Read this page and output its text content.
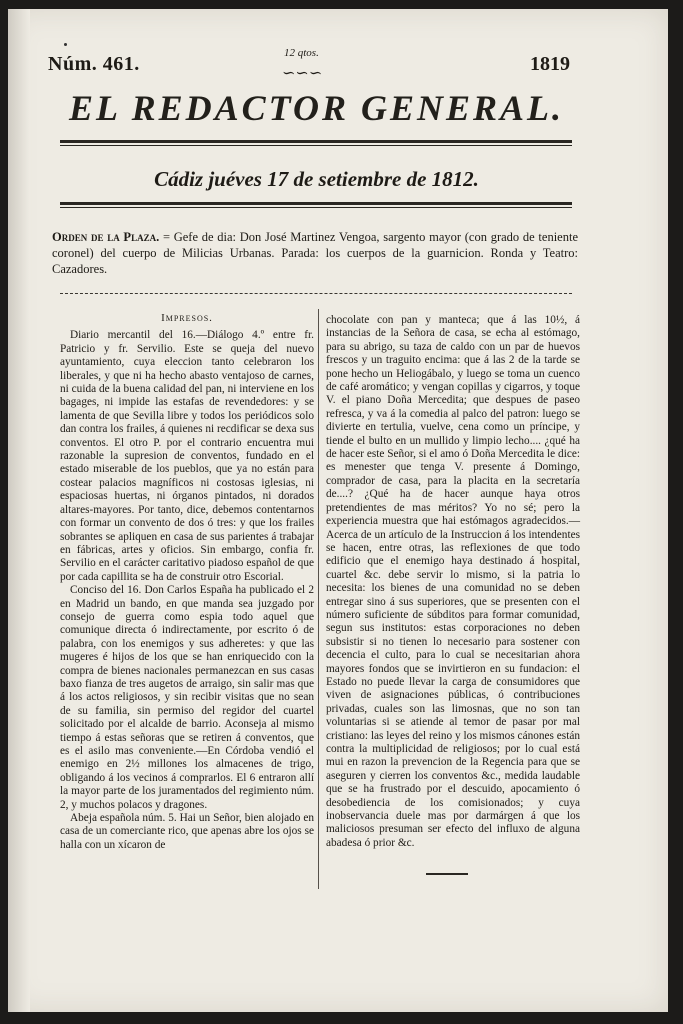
Núm. 461.	12 qtos.
∽∽∽	1819
EL REDACTOR GENERAL.
Cádiz juéves 17 de setiembre de 1812.
Orden de la Plaza. = Gefe de dia: Don José Martinez Vengoa, sargento mayor (con grado de teniente coronel) del cuerpo de Milicias Urbanas. Parada: los cuerpos de la guarnicion. Ronda y Teatro: Cazadores.
Impresos.

Diario mercantil del 16.—Diálogo 4.º entre fr. Patricio y fr. Servilio. Este se queja del nuevo ayuntamiento, cuya eleccion tanto celebraron los liberales, y que ni ha hecho abasto ventajoso de carnes, ni cuida de la buena calidad del pan, ni interviene en los bagages, ni impide las estafas de revendedores: y se lamenta de que Sevilla libre y todos los periódicos solo dan contra los frailes, á quienes ni recdificar se dexa sus conventos. El otro P. por el contrario encuentra mui razonable la supresion de conventos, fundado en el estado miserable de los pueblos, que ya no están para costear palacios magníficos ni costosas iglesias, ni espaciosas huertas, ni órganos pintados, ni dorados altares-mayores. Por tanto, dice, debemos contentarnos con formar un convento de dos ó tres: y que los frailes sobrantes se apliquen en casa de sus parientes á trabajar en fábricas, artes y oficios. Sin embargo, confia fr. Servilio en el carácter caritativo piadoso español de que por cada capillita se ha de construir otro Escorial.

Conciso del 16. Don Carlos España ha publicado el 2 en Madrid un bando, en que manda sea juzgado por consejo de guerra como espia todo aquel que comunique directa ó indirectamente, por escrito ó de palabra, con los enemigos y sus adheretes: y que las mugeres é hijos de los que se han enriquecido con la compra de bienes nacionales permanezcan en sus casas baxo fianza de tres augetos de arraigo, sin salir mas que á los actos religiosos, y sin recibir visitas que no sean de su familia, sin permiso del regidor del cuartel solicitado por el alcalde de barrio. Aconseja al mismo tiempo á estas señoras que se retiren á conventos, que es el asilo mas conveniente.—En Córdoba vendió el enemigo en 2½ millones los almacenes de trigo, obligando á los vecinos á comprarlos. El 6 entraron allí la mayor parte de los juramentados del regimiento núm. 2, y muchos polacos y dragones.

Abeja española núm. 5. Hai un Señor, bien alojado en casa de un comerciante rico, que apenas abre los ojos se halla con un xícaron de

chocolate con pan y manteca; que á las 10½, á instancias de la Señora de casa, se echa al estómago, para su abrigo, su taza de caldo con un par de huevos frescos y un traguito encima: que á las 2 de la tarde se pone hecho un Heliogábalo, y luego se toma un cuenco de café aromático; y vengan copillas y cigarros, y toque V. el piano Doña Mercedita; que despues de paseo refresca, y va á la comedia al palco del patron: luego se divierte en tertulia, vuelve, cena como un príncipe, y tiende el bulto en un mullido y limpio lecho.... ¿qué ha de hacer este Señor, si el amo ó Doña Mercedita le dice: es menester que tenga V. presente á Domingo, comprador de casa, para la placita en la secretaría de....? ¿Qué ha de hacer aunque haya otros pretendientes de mas méritos? Yo no sé; pero la experiencia muestra que hai estómagos agradecidos.—Acerca de un artículo de la Instruccion á los intendentes se hacen, entre otras, las reflexiones de que todo edificio que el enemigo haya destinado á hospital, cuartel &c. debe servir lo mismo, si la patria lo necesita: los bienes de una comunidad no se deben entregar sino á sus superiores, que se presenten con el número suficiente de súbditos para formar comunidad, segun sus institutos: estas corporaciones no deben subsistir si no tienen lo necesario para sostener con decencia el culto, para lo cual se necesitarian ahora mayores fondos que se invirtieron en su fundacion: el Estado no puede llevar la carga de consumidores que viven de asignaciones públicas, ó contribuciones privadas, cuales son las limosnas, que no son tan voluntarias si se atiende al temor de pasar por mal cristiano: las leyes del reino y los mismos cánones están contra la multiplicidad de religiosos; por lo cual está mui en razon la prevencion de la Regencia para que se aseguren y cierren los conventos &c., medida laudable que se ha frustrado por el descuido, apocamiento ó desobediencia de los comisionados; y cuya inobservancia duele mas por darmárgen á que los maliciosos presuman ser efecto del influxo de alguna abadesa ó prior &c.
